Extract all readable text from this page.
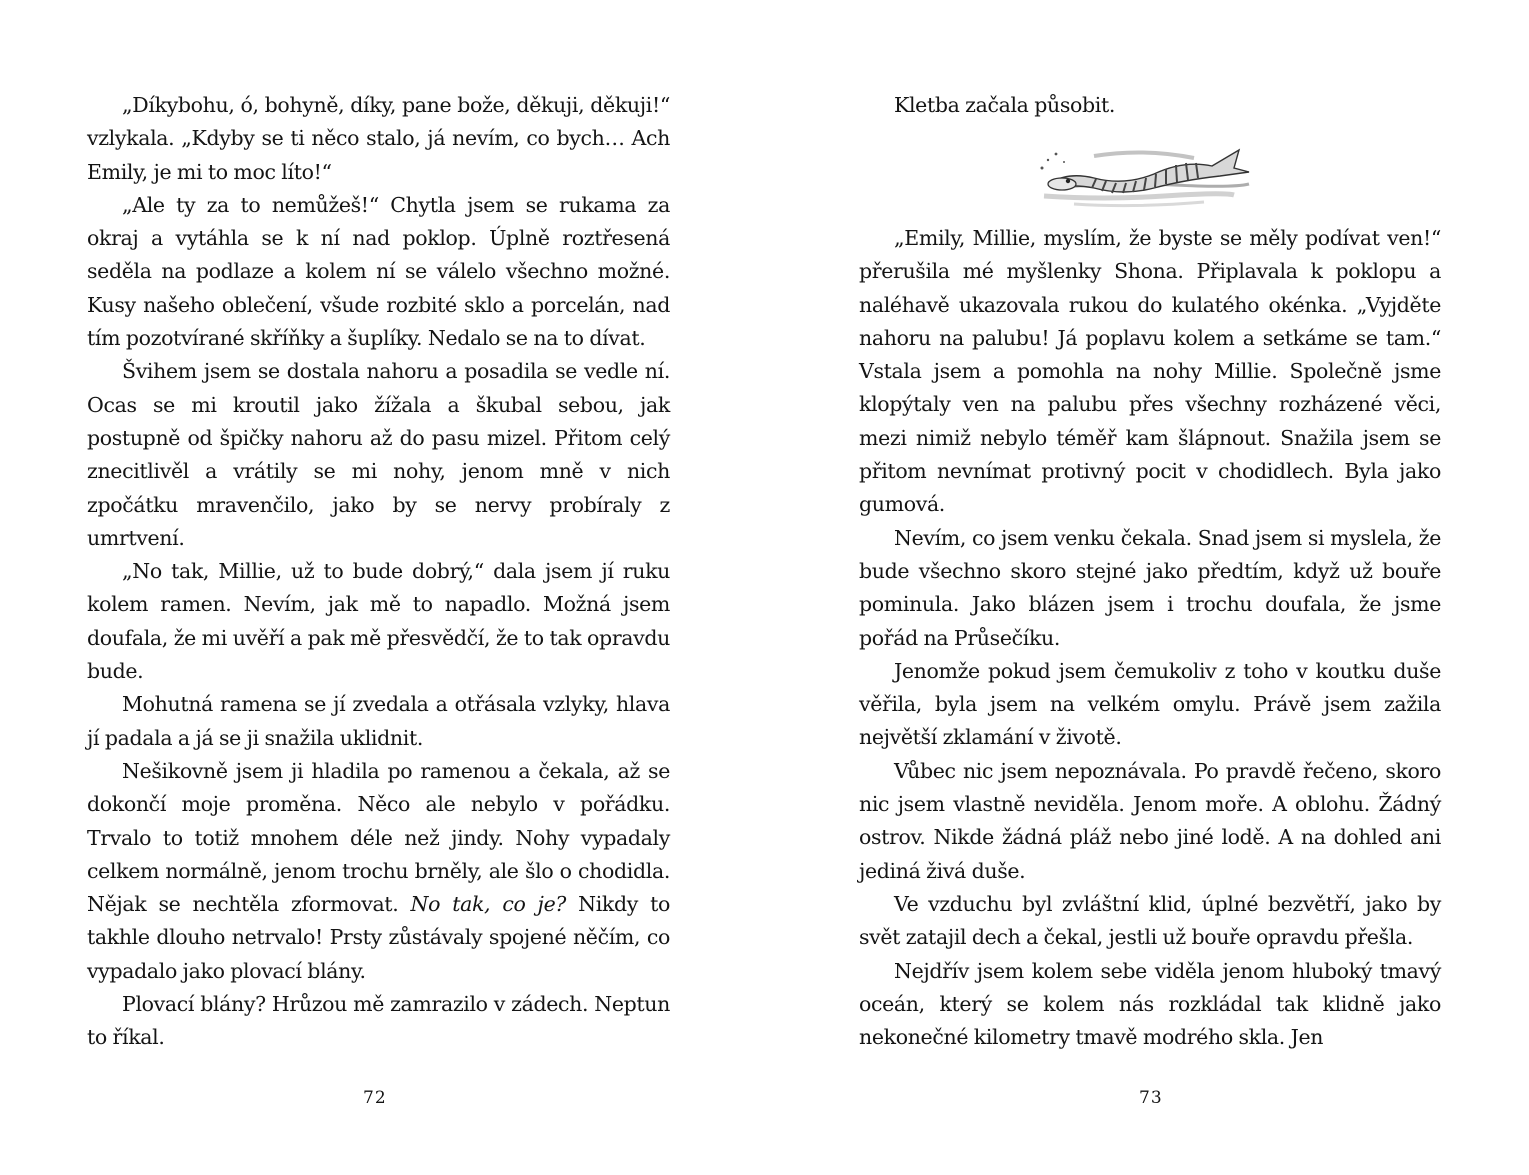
„Díkybohu, ó, bohyně, díky, pane bože, děkuji, děkuji!“ vzlykala. „Kdyby se ti něco stalo, já nevím, co bych… Ach Emily, je mi to moc líto!“

„Ale ty za to nemůžeš!“ Chytla jsem se rukama za okraj a vytáhla se k ní nad poklop. Úplně roztřesená seděla na podlaze a kolem ní se válelo všechno možné. Kusy našeho oblečení, všude rozbité sklo a porcelán, nad tím pozotvírané skříňky a šuplíky. Nedalo se na to dívat.

Švihem jsem se dostala nahoru a posadila se vedle ní. Ocas se mi kroutil jako žížala a škubal sebou, jak postupně od špičky nahoru až do pasu mizel. Přitom celý znecitlivěl a vrátily se mi nohy, jenom mně v nich zpočátku mravenčilo, jako by se nervy probíraly z umrtvení.

„No tak, Millie, už to bude dobrý,“ dala jsem jí ruku kolem ramen. Nevím, jak mě to napadlo. Možná jsem doufala, že mi uvěří a pak mě přesvědčí, že to tak opravdu bude.

Mohutná ramena se jí zvedala a otřásala vzlyky, hlava jí padala a já se ji snažila uklidnit.

Nešikovně jsem ji hladila po ramenou a čekala, až se dokončí moje proměna. Něco ale nebylo v pořádku. Trvalo to totiž mnohem déle než jindy. Nohy vypadaly celkem normálně, jenom trochu brněly, ale šlo o chodidla. Nějak se nechtěla zformovat. No tak, co je? Nikdy to takhle dlouho netrvalo! Prsty zůstávaly spojené něčím, co vypadalo jako plovací blány.

Plovací blány? Hrůzou mě zamrazilo v zádech. Neptun to říkal.

72

Kletba začala působit.

„Emily, Millie, myslím, že byste se měly podívat ven!“ přerušila mé myšlenky Shona. Připlavala k poklopu a naléhavě ukazovala rukou do kulatého okénka. „Vyjděte nahoru na palubu! Já poplavu kolem a setkáme se tam.“ Vstala jsem a pomohla na nohy Millie. Společně jsme klopýtaly ven na palubu přes všechny rozházené věci, mezi nimiž nebylo téměř kam šlápnout. Snažila jsem se přitom nevnímat protivný pocit v chodidlech. Byla jako gumová.

Nevím, co jsem venku čekala. Snad jsem si myslela, že bude všechno skoro stejné jako předtím, když už bouře pominula. Jako blázen jsem i trochu doufala, že jsme pořád na Průsečíku.

Jenomže pokud jsem čemukoliv z toho v koutku duše věřila, byla jsem na velkém omylu. Právě jsem zažila největší zklamání v životě.

Vůbec nic jsem nepoznávala. Po pravdě řečeno, skoro nic jsem vlastně neviděla. Jenom moře. A oblohu. Žádný ostrov. Nikde žádná pláž nebo jiné lodě. A na dohled ani jediná živá duše.

Ve vzduchu byl zvláštní klid, úplné bezvětří, jako by svět zatajil dech a čekal, jestli už bouře opravdu přešla.

Nejdřív jsem kolem sebe viděla jenom hluboký tmavý oceán, který se kolem nás rozkládal tak klidně jako nekonečné kilometry tmavě modrého skla. Jen

73
